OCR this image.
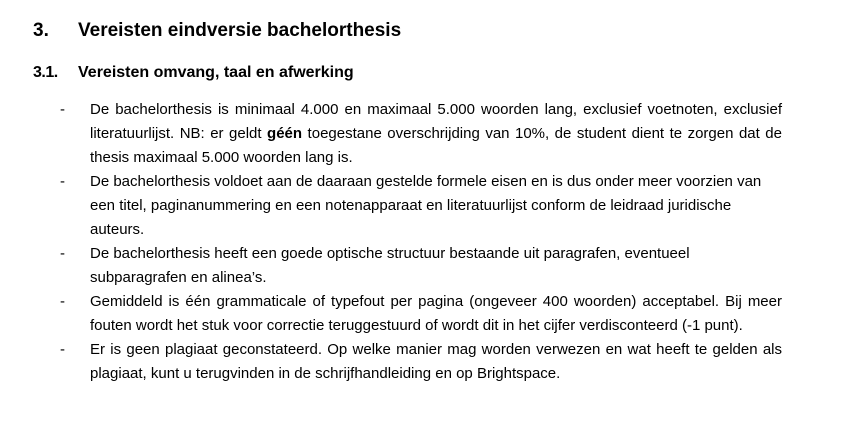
3. Vereisten eindversie bachelorthesis
3.1. Vereisten omvang, taal en afwerking
-	De bachelorthesis is minimaal 4.000 en maximaal 5.000 woorden lang, exclusief voetnoten, exclusief literatuurlijst. NB: er geldt géén toegestane overschrijding van 10%, de student dient te zorgen dat de thesis maximaal 5.000 woorden lang is.
-	De bachelorthesis voldoet aan de daaraan gestelde formele eisen en is dus onder meer voorzien van een titel, paginanummering en een notenapparaat en literatuurlijst conform de leidraad juridische auteurs.
-	De bachelorthesis heeft een goede optische structuur bestaande uit paragrafen, eventueel subparagrafen en alinea’s.
-	Gemiddeld is één grammaticale of typefout per pagina (ongeveer 400 woorden) acceptabel. Bij meer fouten wordt het stuk voor correctie teruggestuurd of wordt dit in het cijfer verdisconteerd (-1 punt).
-	Er is geen plagiaat geconstateerd. Op welke manier mag worden verwezen en wat heeft te gelden als plagiaat, kunt u terugvinden in de schrijfhandleiding en op Brightspace.
